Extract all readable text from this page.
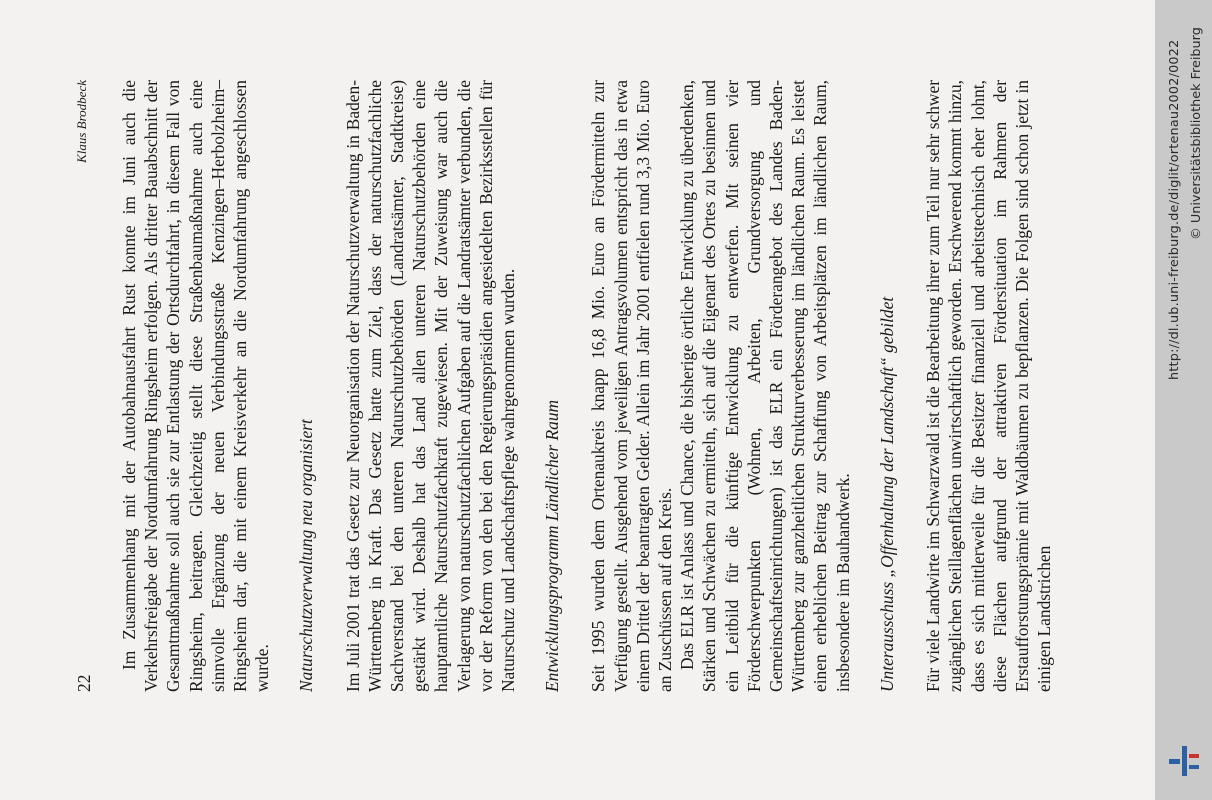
22
Klaus Brodbeck Im Zusammenhang mit der Autobahnausfahrt Rust konnte im Juni auch die Verkehrsfreigabe der Nordumfahrung Ringsheim erfolgen. Als dritter Bauabschnitt der Gesamtmaßnahme soll auch sie zur Entlastung der Ortsdurchfahrt, in diesem Fall von Ringsheim, beitragen. Gleichzeitig stellt diese Straßenbaumaßnahme auch eine sinnvolle Ergänzung der neuen Verbindungsstraße Kenzingen–Herbolzheim–Ringsheim dar, die mit einem Kreisverkehr an die Nordumfahrung angeschlossen wurde. Naturschutzverwaltung neu organisiert Im Juli 2001 trat das Gesetz zur Neuorganisation der Naturschutzverwaltung in Baden-Württemberg in Kraft. Das Gesetz hatte zum Ziel, dass der naturschutzfachliche Sachverstand bei den unteren Naturschutzbehörden (Landratsämter, Stadtkreise) gestärkt wird. Deshalb hat das Land allen unteren Naturschutzbehörden eine hauptamtliche Naturschutzfachkraft zugewiesen. Mit der Zuweisung war auch die Verlagerung von naturschutzfachlichen Aufgaben auf die Landratsämter verbunden, die vor der Reform von den bei den Regierungspräsidien angesiedelten Bezirksstellen für Naturschutz und Landschaftspflege wahrgenommen wurden. Entwicklungsprogramm Ländlicher Raum Seit 1995 wurden dem Ortenaukreis knapp 16,8 Mio. Euro an Fördermitteln zur Verfügung gestellt. Ausgehend vom jeweiligen Antragsvolumen entspricht das in etwa einem Drittel der beantragten Gelder. Allein im Jahr 2001 entfielen rund 3,3 Mio. Euro an Zuschüssen auf den Kreis. Das ELR ist Anlass und Chance, die bisherige örtliche Entwicklung zu überdenken, Stärken und Schwächen zu ermitteln, sich auf die Eigenart des Ortes zu besinnen und ein Leitbild für die künftige Entwicklung zu entwerfen. Mit seinen vier Förderschwerpunkten (Wohnen, Arbeiten, Grundversorgung und Gemeinschaftseinrichtungen) ist das ELR ein Förderangebot des Landes Baden-Württemberg zur ganzheitlichen Strukturverbesserung im ländlichen Raum. Es leistet einen erheblichen Beitrag zur Schaffung von Arbeitsplätzen im ländlichen Raum, insbesondere im Bauhandwerk. Unterausschuss „Offenhaltung der Landschaft“ gebildet Für viele Landwirte im Schwarzwald ist die Bearbeitung ihrer zum Teil nur sehr schwer zugänglichen Steillagenflächen unwirtschaftlich geworden. Erschwerend kommt hinzu, dass es sich mittlerweile für die Besitzer finanziell und arbeitstechnisch eher lohnt, diese Flächen aufgrund der attraktiven Fördersituation im Rahmen der Erstaufforstungsprämie mit Waldbäumen zu bepflanzen. Die Folgen sind schon jetzt in einigen Landstrichen

http://dl.ub.uni-freiburg.de/diglit/ortenau2002/0022 © Universitätsbibliothek Freiburg
